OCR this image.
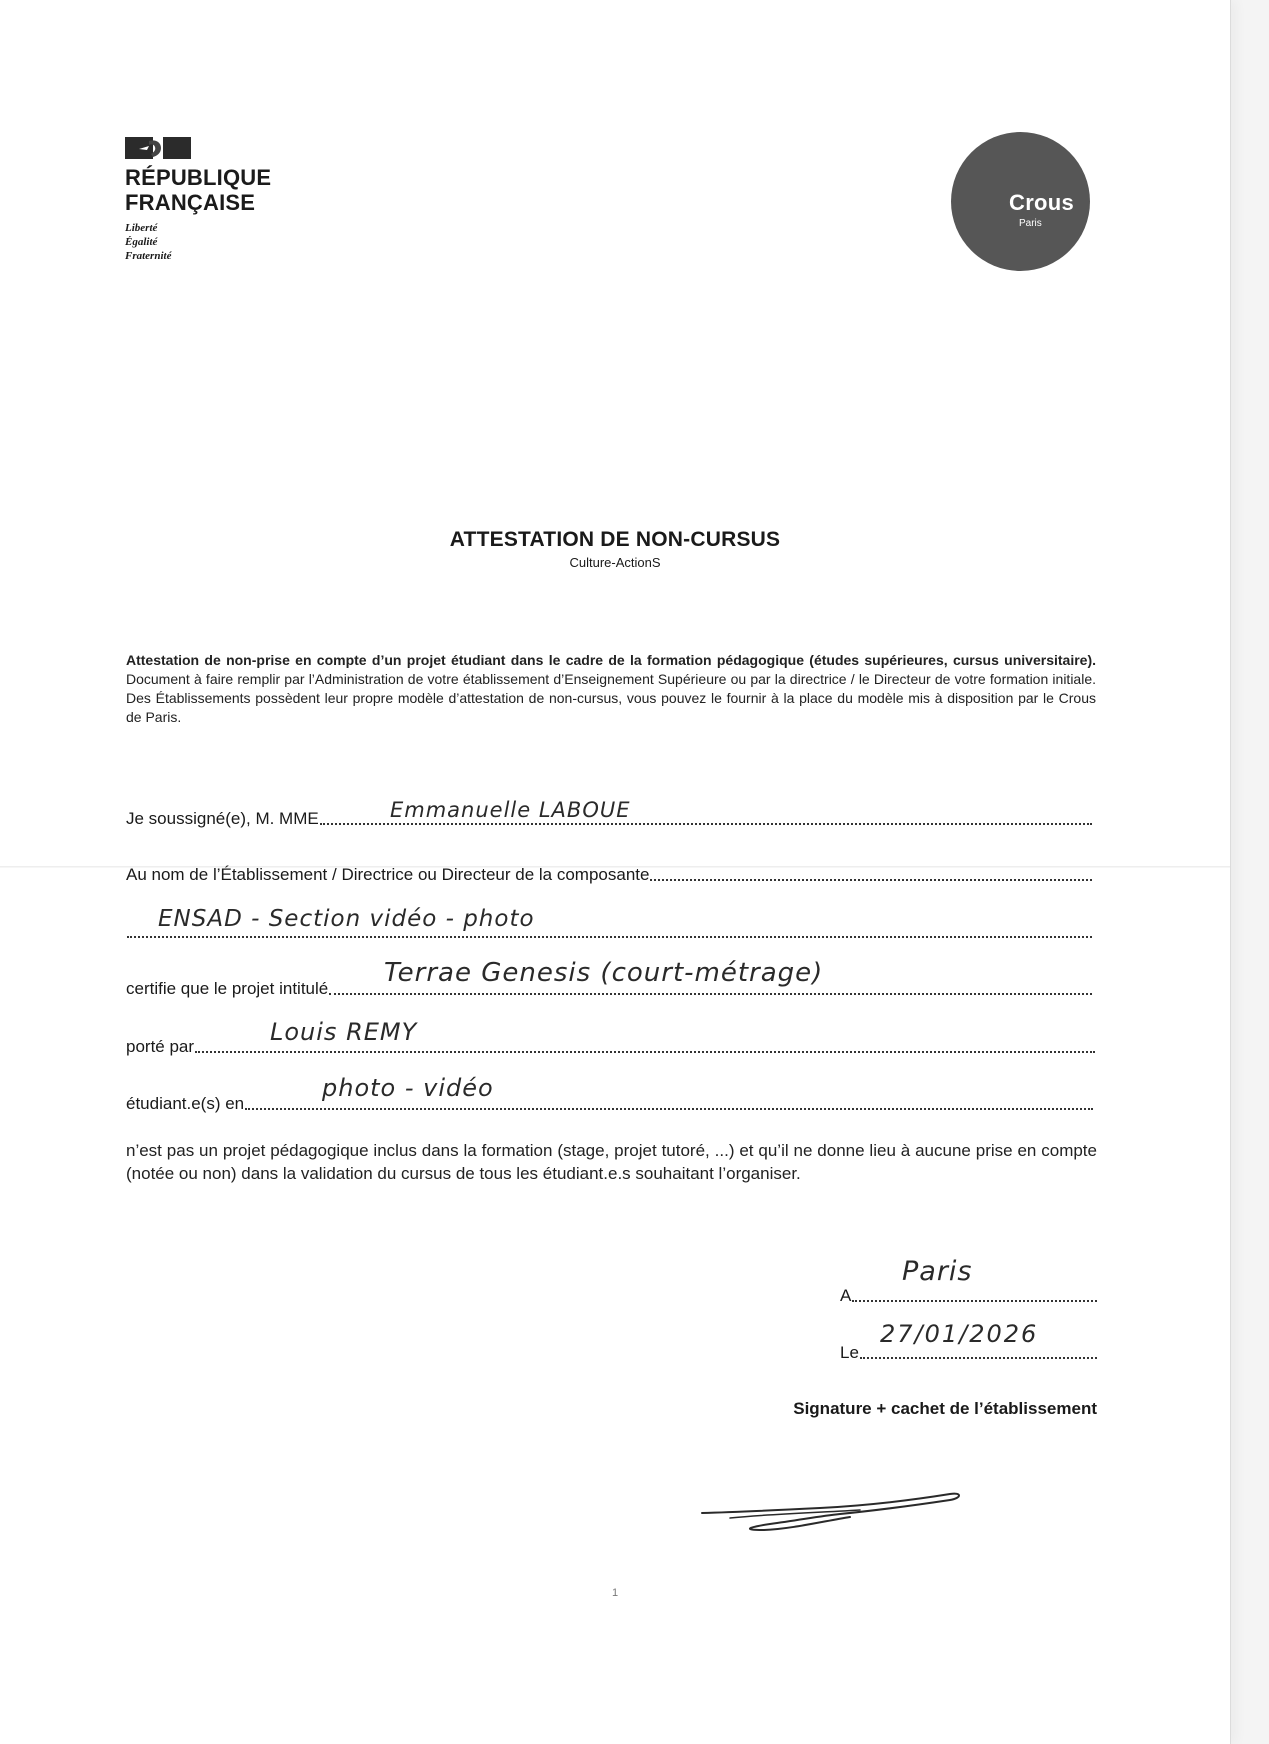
RÉPUBLIQUE FRANÇAISE
Liberté
Égalité
Fraternité
Crous
Paris
ATTESTATION DE NON-CURSUS
Culture-ActionS
Attestation de non-prise en compte d’un projet étudiant dans le cadre de la formation pédagogique (études supérieures, cursus universitaire). Document à faire remplir par l’Administration de votre établissement d’Enseignement Supérieure ou par la directrice / le Directeur de votre formation initiale. Des Établissements possèdent leur propre modèle d’attestation de non-cursus, vous pouvez le fournir à la place du modèle mis à disposition par le Crous de Paris.
Je soussigné(e), M. MME	Emmanuelle LABOUE
Au nom de l’Établissement / Directrice ou Directeur de la composante
ENSAD - Section vidéo - photo
certifie que le projet intitulé
Terrae Genesis (court-métrage)
porté par
Louis REMY
étudiant.e(s) en
photo - vidéo
n’est pas un projet pédagogique inclus dans la formation (stage, projet tutoré, ...) et qu’il ne donne lieu à aucune prise en compte (notée ou non) dans la validation du cursus de tous les étudiant.e.s souhaitant l’organiser.
A
Paris
Le
27/01/2026
Signature + cachet de l’établissement
1
